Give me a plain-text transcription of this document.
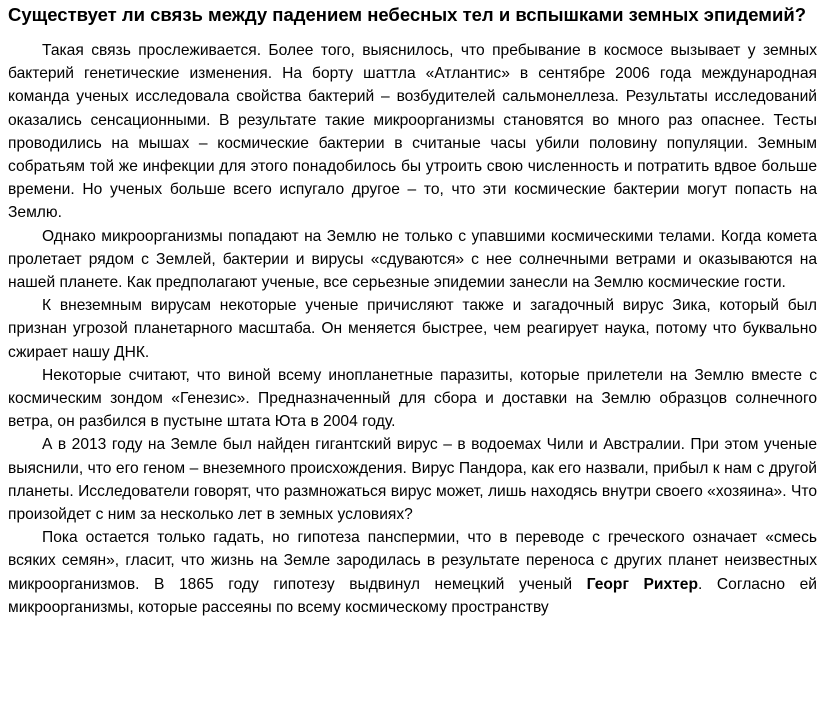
Существует ли связь между падением небесных тел и вспышками земных эпидемий?

Такая связь прослеживается. Более того, выяснилось, что пребывание в космосе вызывает у земных бактерий генетические изменения. На борту шаттла «Атлантис» в сентябре 2006 года международная команда ученых исследовала свойства бактерий – возбудителей сальмонеллеза. Результаты исследований оказались сенсационными. В результате такие микроорганизмы становятся во много раз опаснее. Тесты проводились на мышах – космические бактерии в считаные часы убили половину популяции. Земным собратьям той же инфекции для этого понадобилось бы утроить свою численность и потратить вдвое больше времени. Но ученых больше всего испугало другое – то, что эти космические бактерии могут попасть на Землю.

Однако микроорганизмы попадают на Землю не только с упавшими космическими телами. Когда комета пролетает рядом с Землей, бактерии и вирусы «сдуваются» с нее солнечными ветрами и оказываются на нашей планете. Как предполагают ученые, все серьезные эпидемии занесли на Землю космические гости.

К внеземным вирусам некоторые ученые причисляют также и загадочный вирус Зика, который был признан угрозой планетарного масштаба. Он меняется быстрее, чем реагирует наука, потому что буквально сжирает нашу ДНК.

Некоторые считают, что виной всему инопланетные паразиты, которые прилетели на Землю вместе с космическим зондом «Генезис». Предназначенный для сбора и доставки на Землю образцов солнечного ветра, он разбился в пустыне штата Юта в 2004 году.

А в 2013 году на Земле был найден гигантский вирус – в водоемах Чили и Австралии. При этом ученые выяснили, что его геном – внеземного происхождения. Вирус Пандора, как его назвали, прибыл к нам с другой планеты. Исследователи говорят, что размножаться вирус может, лишь находясь внутри своего «хозяина». Что произойдет с ним за несколько лет в земных условиях?

Пока остается только гадать, но гипотеза панспермии, что в переводе с греческого означает «смесь всяких семян», гласит, что жизнь на Земле зародилась в результате переноса с других планет неизвестных микроорганизмов. В 1865 году гипотезу выдвинул немецкий ученый Георг Рихтер. Согласно ей микроорганизмы, которые рассеяны по всему космическому пространству
